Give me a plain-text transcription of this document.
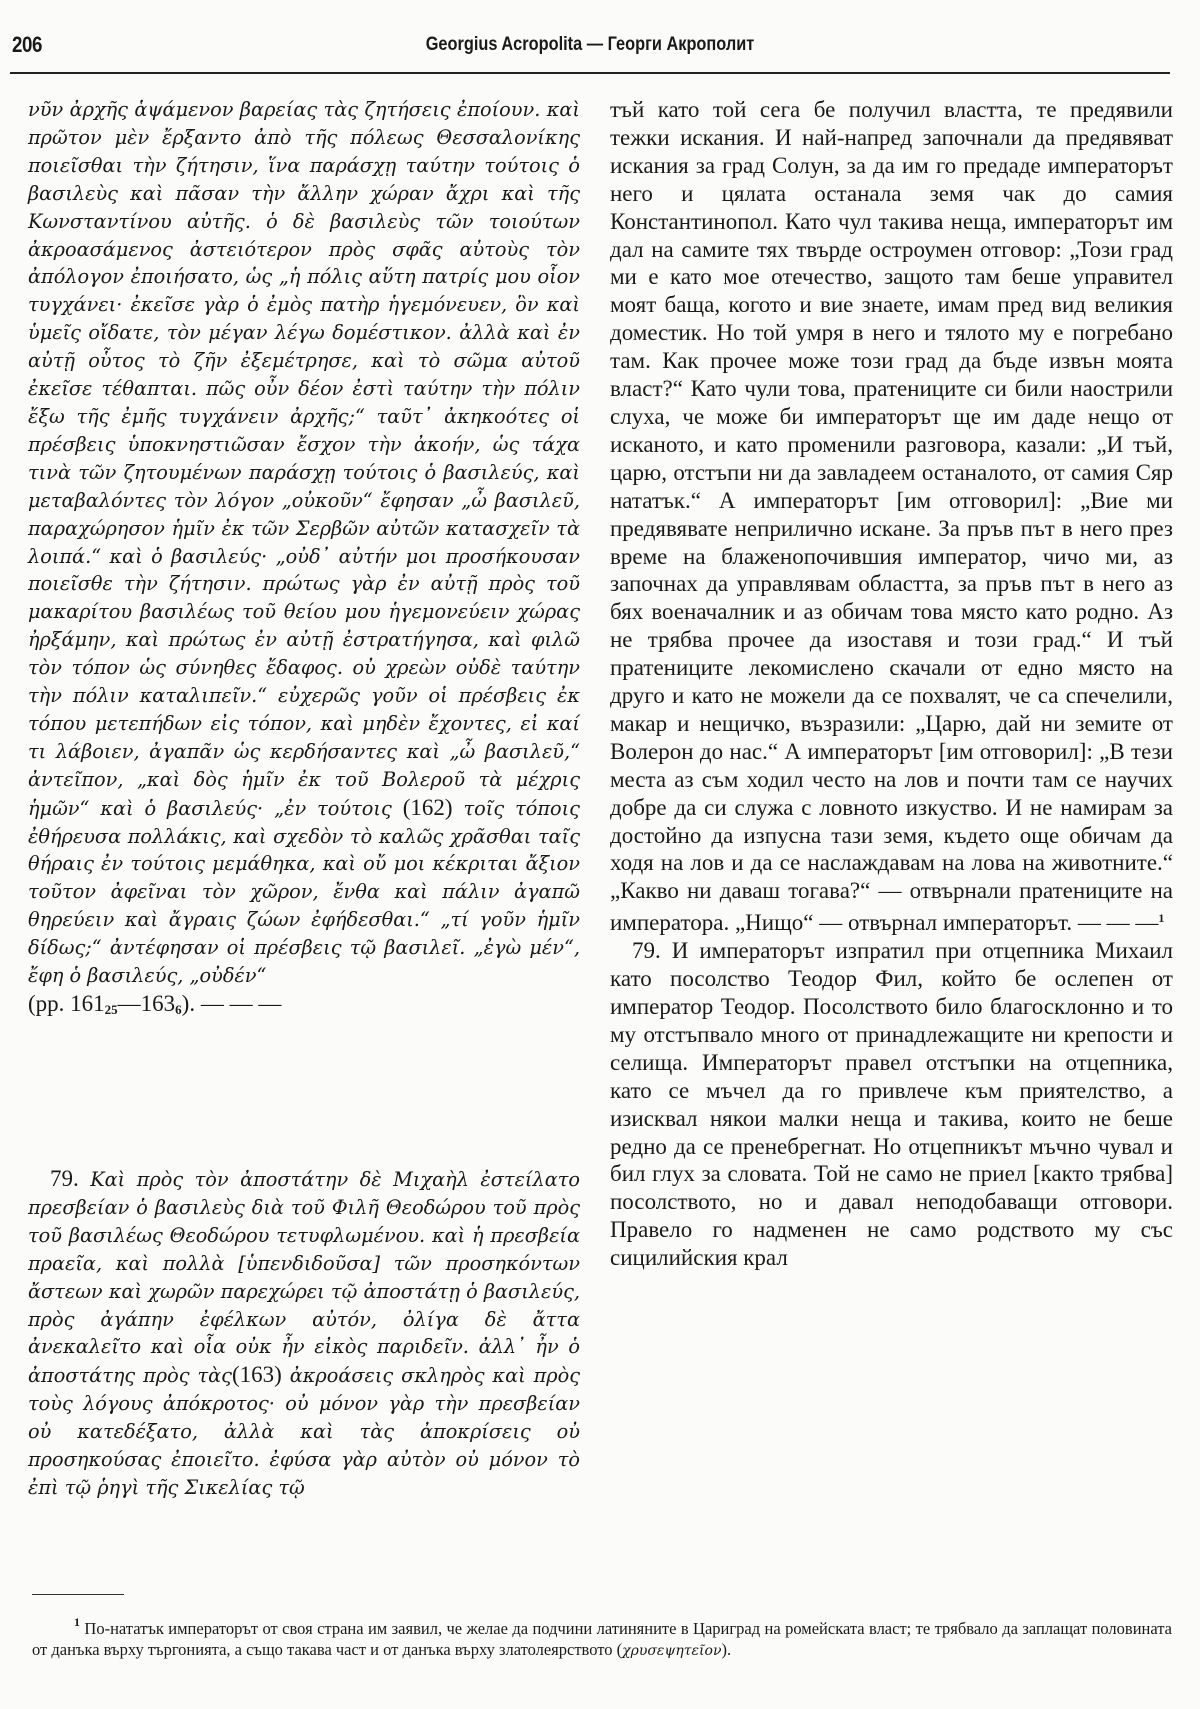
206	Georgius Acropolita — Георги Акрополит

νῦν ἀρχῆς ἁψάμενον βαρείας τὰς ζητήσεις ἐποίουν. καὶ πρῶτον μὲν ἔρξαντο ἀπὸ τῆς πόλεως Θεσσαλονίκης ποιεῖσθαι τὴν ζήτησιν, ἵνα παράσχῃ ταύτην τούτοις ὁ βασιλεὺς καὶ πᾶσαν τὴν ἄλλην χώραν ἄχρι καὶ τῆς Κωνσταντίνου αὐτῆς. ὁ δὲ βασιλεὺς τῶν τοιούτων ἀκροασάμενος ἀστειότερον πρὸς σφᾶς αὐτοὺς τὸν ἀπόλογον ἐποιήσατο, ὡς „ἡ πόλις αὕτη πατρίς μου οἷον τυγχάνει· ἐκεῖσε γὰρ ὁ ἐμὸς πατὴρ ἡγεμόνευεν, ὃν καὶ ὑμεῖς οἴδατε, τὸν μέγαν λέγω δομέστικον. ἀλλὰ καὶ ἐν αὐτῇ οὗτος τὸ ζῆν ἐξεμέτρησε, καὶ τὸ σῶμα αὐτοῦ ἐκεῖσε τέθαπται. πῶς οὖν δέον ἐστὶ ταύτην τὴν πόλιν ἔξω τῆς ἐμῆς τυγχάνειν ἀρχῆς;“ ταῦτ᾽ ἀκηκοότες οἱ πρέσβεις ὑποκνηστιῶσαν ἔσχον τὴν ἀκοήν, ὡς τάχα τινὰ τῶν ζητουμένων παράσχῃ τούτοις ὁ βασιλεύς, καὶ μεταβαλόντες τὸν λόγον „οὐκοῦν“ ἔφησαν „ὦ βασιλεῦ, παραχώρησον ἡμῖν ἐκ τῶν Σερβῶν αὐτῶν κατασχεῖν τὰ λοιπά.“ καὶ ὁ βασιλεύς· „οὐδ᾽ αὐτήν μοι προσήκουσαν ποιεῖσθε τὴν ζήτησιν. πρώτως γὰρ ἐν αὐτῇ πρὸς τοῦ μακαρίτου βασιλέως τοῦ θείου μου ἡγεμονεύειν χώρας ἠρξάμην, καὶ πρώτως ἐν αὐτῇ ἐστρατήγησα, καὶ φιλῶ τὸν τόπον ὡς σύνηθες ἔδαφος. οὐ χρεὼν οὐδὲ ταύτην τὴν πόλιν καταλιπεῖν.“ εὐχερῶς γοῦν οἱ πρέσβεις ἐκ τόπου μετεπήδων εἰς τόπον, καὶ μηδὲν ἔχοντες, εἰ καί τι λάβοιεν, ἀγαπᾶν ὡς κερδήσαντες καὶ „ὦ βασιλεῦ,“ ἀντεῖπον, „καὶ δὸς ἡμῖν ἐκ τοῦ Βολεροῦ τὰ μέχρις ἡμῶν“ καὶ ὁ βασιλεύς· „ἐν τούτοις (162) τοῖς τόποις ἐθήρευσα πολλάκις, καὶ σχεδὸν τὸ καλῶς χρᾶσθαι ταῖς θήραις ἐν τούτοις μεμάθηκα, καὶ οὔ μοι κέκριται ἄξιον τοῦτον ἀφεῖναι τὸν χῶρον, ἔνθα καὶ πάλιν ἀγαπῶ θηρεύειν καὶ ἄγραις ζώων ἐφήδεσθαι.“ „τί γοῦν ἡμῖν δίδως;“ ἀντέφησαν οἱ πρέσβεις τῷ βασιλεῖ. „ἐγὼ μέν“, ἔφη ὁ βασιλεύς, „οὐδέν“
(pp. $161_{25}—163_6$). — — —

79. Καὶ πρὸς τὸν ἀποστάτην δὲ Μιχαὴλ ἐστείλατο πρεσβείαν ὁ βασιλεὺς διὰ τοῦ Φιλῆ Θεοδώρου τοῦ πρὸς τοῦ βασιλέως Θεοδώρου τετυφλωμένου. καὶ ἡ πρεσβεία πραεῖα, καὶ πολλὰ [ὑπενδιδοῦσα] τῶν προσηκόντων ἄστεων καὶ χωρῶν παρεχώρει τῷ ἀποστάτῃ ὁ βασιλεύς, πρὸς ἀγάπην ἐφέλκων αὐτόν, ὀλίγα δὲ ἄττα ἀνεκαλεῖτο καὶ οἷα οὐκ ἦν εἰκὸς παριδεῖν. ἀλλ᾽ ἦν ὁ ἀποστάτης πρὸς τὰς(163) ἀκροάσεις σκληρὸς καὶ πρὸς τοὺς λόγους ἀπόκροτος· οὐ μόνον γὰρ τὴν πρεσβείαν οὐ κατεδέξατο, ἀλλὰ καὶ τὰς ἀποκρίσεις οὐ προσηκούσας ἐποιεῖτο. ἐφύσα γὰρ αὐτὸν οὐ μόνον τὸ ἐπὶ τῷ ῥηγὶ τῆς Σικελίας τῷ

тъй като той сега бе получил властта, те предявили тежки искания. И най-напред започнали да предявяват искания за град Солун, за да им го предаде императорът него и цялата останала земя чак до самия Константинопол. Като чул такива неща, императорът им дал на самите тях твърде остроумен отговор: „Този град ми е като мое отечество, защото там беше управител моят баща, когото и вие знаете, имам пред вид великия доместик. Но той умря в него и тялото му е погребано там. Как прочее може този град да бъде извън моята власт?“ Като чули това, пратениците си били наострили слуха, че може би императорът ще им даде нещо от исканото, и като променили разговора, казали: „И тъй, царю, отстъпи ни да завладеем останалото, от самия Сяр нататък.“ А императорът [им отговорил]: „Вие ми предявявате неприлично искане. За пръв път в него през време на блаженопочившия император, чичо ми, аз започнах да управлявам областта, за пръв път в него аз бях военачалник и аз обичам това място като родно. Аз не трябва прочее да изоставя и този град.“ И тъй пратениците лекомислено скачали от едно място на друго и като не можели да се похвалят, че са спечелили, макар и нещичко, възразили: „Царю, дай ни земите от Волерон до нас.“ А императорът [им отговорил]: „В тези места аз съм ходил често на лов и почти там се научих добре да си служа с ловното изкуство. И не намирам за достойно да изпусна тази земя, където още обичам да ходя на лов и да се наслаждавам на лова на животните.“ „Какво ни даваш тогава?“ — отвърнали пратениците на императора. „Нищо“ — отвърнал императорът. — — —$^1$

79. И императорът изпратил при отцепника Михаил като посолство Теодор Фил, който бе ослепен от император Теодор. Посолството било благосклонно и то му отстъпвало много от принадлежащите ни крепости и селища. Императорът правел отстъпки на отцепника, като се мъчел да го привлече към приятелство, а изисквал някои малки неща и такива, които не беше редно да се пренебрегнат. Но отцепникът мъчно чувал и бил глух за словата. Той не само не приел [както трябва] посолството, но и давал неподобаващи отговори. Правело го надменен не само родството му със сицилийския крал

$^1$ По-нататък императорът от своя страна им заявил, че желае да подчини латиняните в Цариград на ромейската власт; те трябвало да заплащат половината от данъка върху търгонията, а също такава част и от данъка върху златолеярството (χρυσεψητεῖον).
